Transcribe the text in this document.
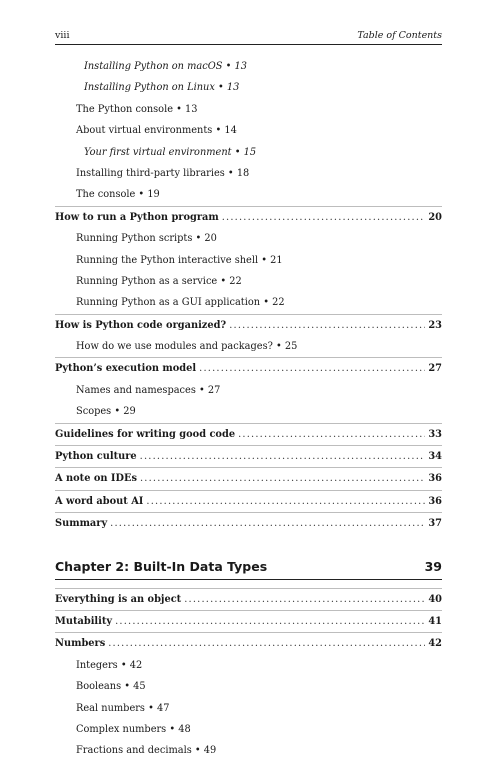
viii	Table of Contents
Installing Python on macOS • 13
Installing Python on Linux • 13
The Python console • 13
About virtual environments • 14
Your first virtual environment • 15
Installing third-party libraries • 18
The console • 19
How to run a Python program .....	20
Running Python scripts • 20
Running the Python interactive shell • 21
Running Python as a service • 22
Running Python as a GUI application • 22
How is Python code organized? .....	23
How do we use modules and packages? • 25
Python’s execution model .....	27
Names and namespaces • 27
Scopes • 29
Guidelines for writing good code .....	33
Python culture .....	34
A note on IDEs .....	36
A word about AI .....	36
Summary .....	37
Chapter 2: Built-In Data Types	39
Everything is an object .....	40
Mutability .....	41
Numbers .....	42
Integers • 42
Booleans • 45
Real numbers • 47
Complex numbers • 48
Fractions and decimals • 49
